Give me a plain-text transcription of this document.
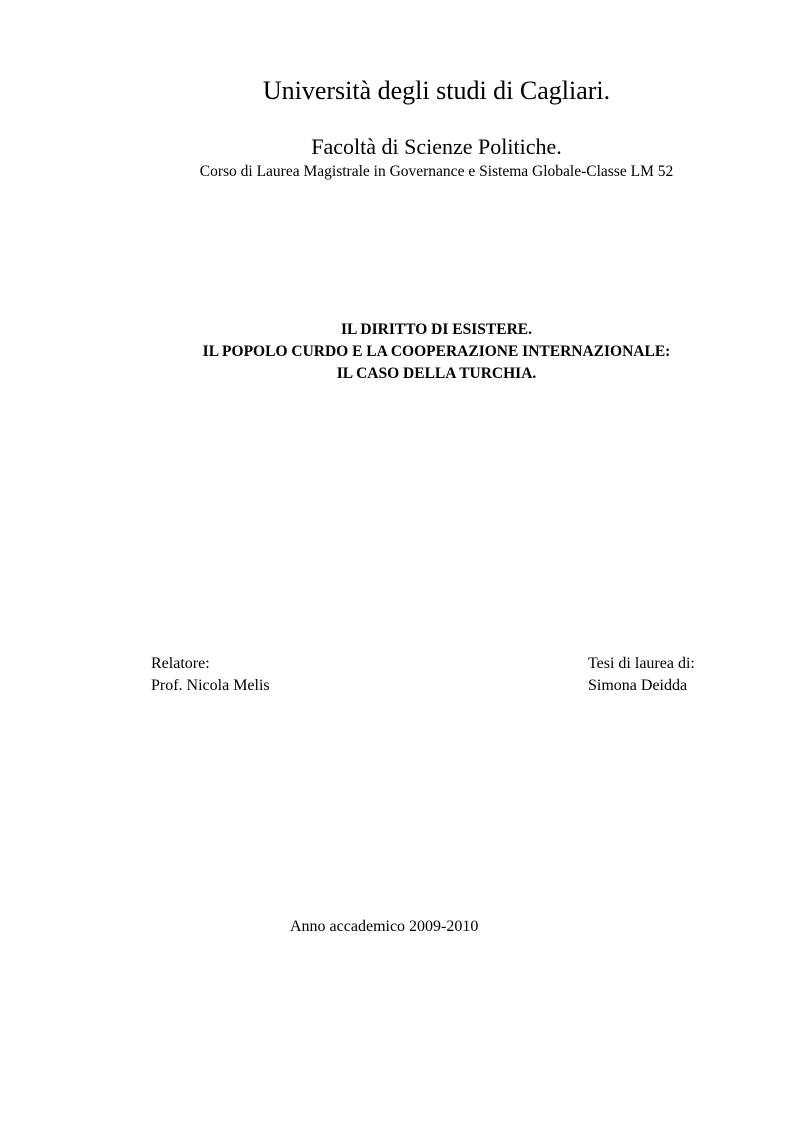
Università degli studi di Cagliari.
Facoltà di Scienze Politiche.
Corso di Laurea Magistrale in Governance e Sistema Globale-Classe LM 52
IL DIRITTO DI ESISTERE.
IL POPOLO CURDO E LA COOPERAZIONE INTERNAZIONALE:
IL CASO DELLA TURCHIA.
Relatore:
Prof. Nicola Melis
Tesi di laurea di:
Simona Deidda
Anno accademico 2009-2010
